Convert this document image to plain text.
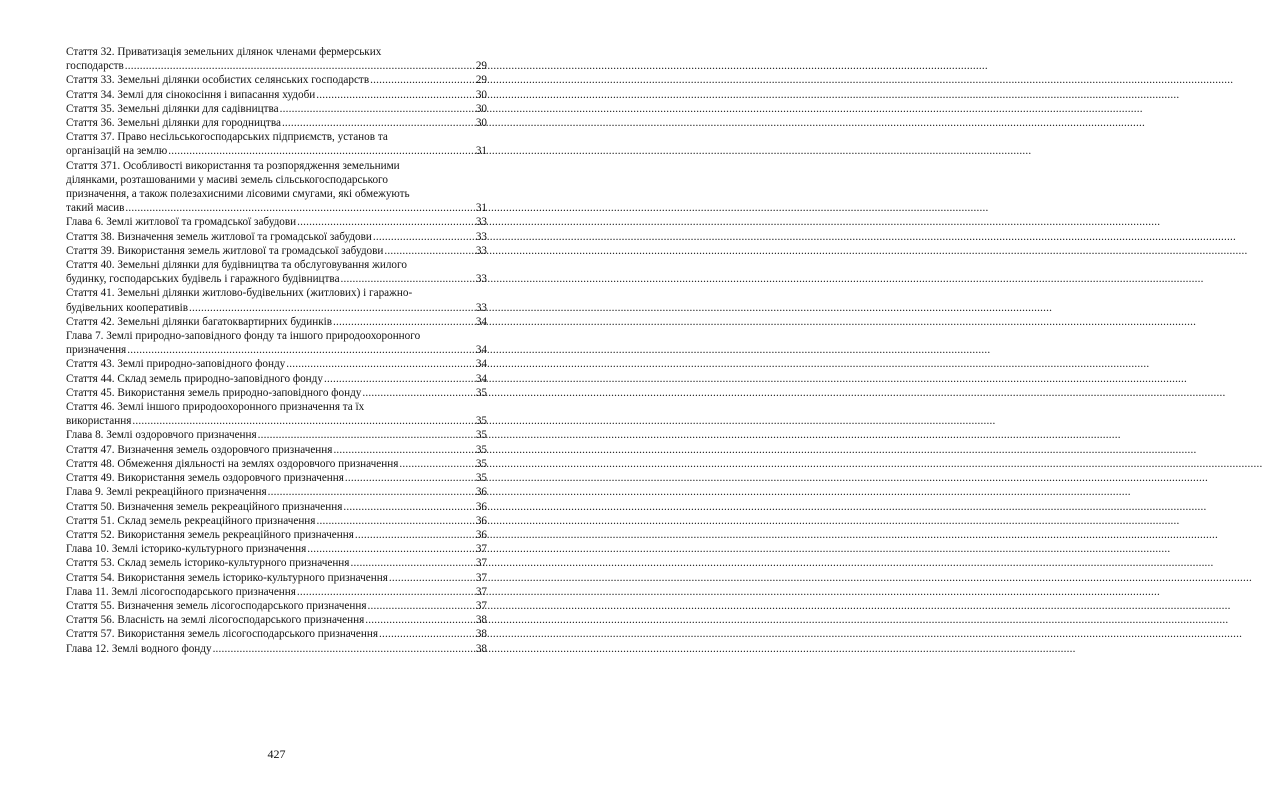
Стаття 32. Приватизація земельних ділянок членами фермерських
господарств .....	29
Стаття 33. Земельні ділянки особистих селянських господарств .....	29
Стаття 34. Землі для сінокосіння і випасання худоби .....	30
Стаття 35. Земельні ділянки для садівництва .....	30
Стаття 36. Земельні ділянки для городництва .....	30
Стаття 37. Право несільськогосподарських підприємств, установ та
організацій на землю .....	31
Стаття 371. Особливості використання та розпорядження земельними
ділянками, розташованими у масиві земель сільськогосподарського
призначення, а також полезахисними лісовими смугами, які обмежують
такий масив .....	31
Глава 6. Землі житлової та громадської забудови .....	33
Стаття 38. Визначення земель житлової та громадської забудови .....	33
Стаття 39. Використання земель житлової та громадської забудови .....	33
Стаття 40. Земельні ділянки для будівництва та обслуговування жилого
будинку, господарських будівель і гаражного будівництва .....	33
Стаття 41. Земельні ділянки житлово-будівельних (житлових) і гаражно-
будівельних кооперативів .....	33
Стаття 42. Земельні ділянки багатоквартирних будинків .....	34
Глава 7. Землі природно-заповідного фонду та іншого природоохоронного
призначення .....	34
Стаття 43. Землі природно-заповідного фонду .....	34
Стаття 44. Склад земель природно-заповідного фонду .....	34
Стаття 45. Використання земель природно-заповідного фонду .....	35
Стаття 46. Землі іншого природоохоронного призначення та їх
використання .....	35
Глава 8. Землі оздоровчого призначення .....	35
Стаття 47. Визначення земель оздоровчого призначення .....	35
Стаття 48. Обмеження діяльності на землях оздоровчого призначення .....	35
Стаття 49. Використання земель оздоровчого призначення .....	35
Глава 9. Землі рекреаційного призначення .....	36
Стаття 50. Визначення земель рекреаційного призначення .....	36
Стаття 51. Склад земель рекреаційного призначення .....	36
Стаття 52. Використання земель рекреаційного призначення .....	36
Глава 10. Землі історико-культурного призначення .....	37
Стаття 53. Склад земель історико-культурного призначення .....	37
Стаття 54. Використання земель історико-культурного призначення .....	37
Глава 11. Землі лісогосподарського призначення .....	37
Стаття 55. Визначення земель лісогосподарського призначення .....	37
Стаття 56. Власність на землі лісогосподарського призначення .....	38
Стаття 57. Використання земель лісогосподарського призначення .....	38
Глава 12. Землі водного фонду .....	38
427
